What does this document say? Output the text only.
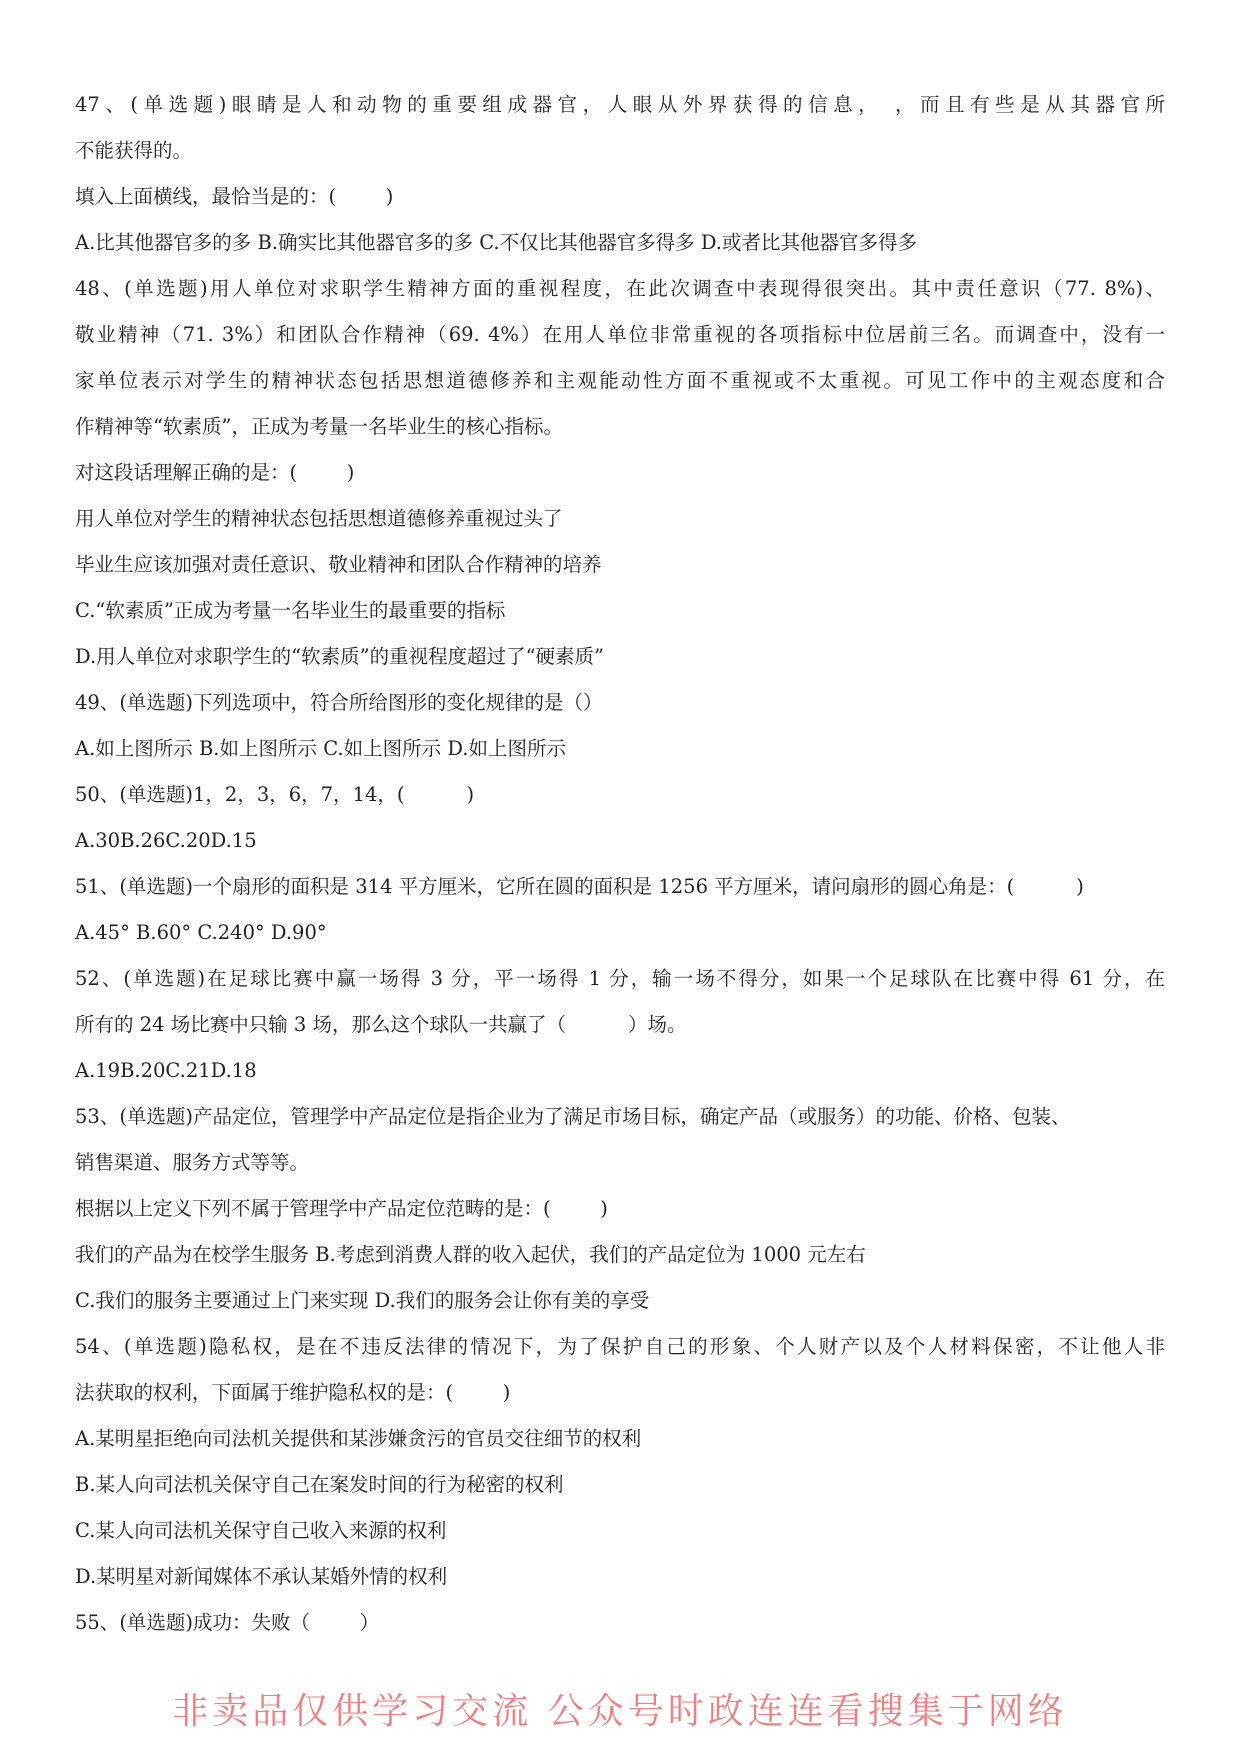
47、(单选题)眼睛是人和动物的重要组成器官，人眼从外界获得的信息， ，而且有些是从其器官所
不能获得的。
填入上面横线，最恰当是的：(        )
A.比其他器官多的多 B.确实比其他器官多的多 C.不仅比其他器官多得多 D.或者比其他器官多得多
48、(单选题)用人单位对求职学生精神方面的重视程度，在此次调查中表现得很突出。其中责任意识（77. 8%)、
敬业精神（71. 3%）和团队合作精神（69. 4%）在用人单位非常重视的各项指标中位居前三名。而调查中，没有一
家单位表示对学生的精神状态包括思想道德修养和主观能动性方面不重视或不太重视。可见工作中的主观态度和合
作精神等“软素质”，正成为考量一名毕业生的核心指标。
对这段话理解正确的是：(        )
用人单位对学生的精神状态包括思想道德修养重视过头了
毕业生应该加强对责任意识、敬业精神和团队合作精神的培养
C.“软素质”正成为考量一名毕业生的最重要的指标
D.用人单位对求职学生的“软素质”的重视程度超过了“硬素质”
49、(单选题)下列选项中，符合所给图形的变化规律的是（）
A.如上图所示 B.如上图所示 C.如上图所示 D.如上图所示
50、(单选题)1，2，3，6，7，14，(          )
A.30B.26C.20D.15
51、(单选题)一个扇形的面积是 314 平方厘米，它所在圆的面积是 1256 平方厘米，请问扇形的圆心角是：(          )
A.45° B.60° C.240° D.90°
52、(单选题)在足球比赛中赢一场得 3 分，平一场得 1 分，输一场不得分，如果一个足球队在比赛中得 61 分，在
所有的 24 场比赛中只输 3 场，那么这个球队一共赢了（          ）场。
A.19B.20C.21D.18
53、(单选题)产品定位，管理学中产品定位是指企业为了满足市场目标，确定产品（或服务）的功能、价格、包装、
销售渠道、服务方式等等。
根据以上定义下列不属于管理学中产品定位范畴的是：(        )
我们的产品为在校学生服务 B.考虑到消费人群的收入起伏，我们的产品定位为 1000 元左右
C.我们的服务主要通过上门来实现 D.我们的服务会让你有美的享受
54、(单选题)隐私权，是在不违反法律的情况下，为了保护自己的形象、个人财产以及个人材料保密，不让他人非
法获取的权利，下面属于维护隐私权的是：(        )
A.某明星拒绝向司法机关提供和某涉嫌贪污的官员交往细节的权利
B.某人向司法机关保守自己在案发时间的行为秘密的权利
C.某人向司法机关保守自己收入来源的权利
D.某明星对新闻媒体不承认某婚外情的权利
55、(单选题)成功：失败（        ）
非卖品仅供学习交流 公众号时政连连看搜集于网络
